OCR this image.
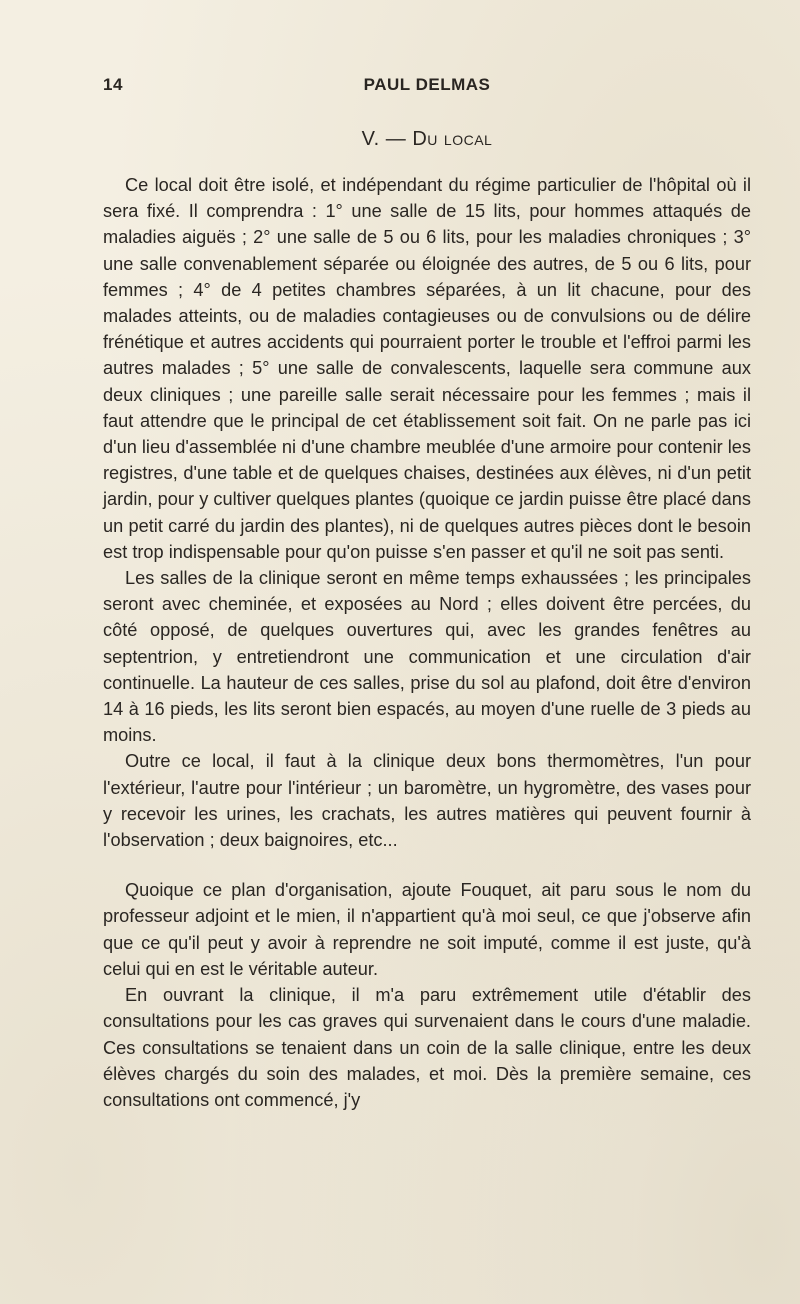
14	PAUL DELMAS
V. — Du local

Ce local doit être isolé, et indépendant du régime particulier de l'hôpital où il sera fixé. Il comprendra : 1° une salle de 15 lits, pour hommes attaqués de maladies aiguës ; 2° une salle de 5 ou 6 lits, pour les maladies chroniques ; 3° une salle convenablement séparée ou éloignée des autres, de 5 ou 6 lits, pour femmes ; 4° de 4 petites chambres séparées, à un lit chacune, pour des malades atteints, ou de maladies contagieuses ou de convulsions ou de délire frénétique et autres accidents qui pourraient porter le trouble et l'effroi parmi les autres malades ; 5° une salle de convalescents, laquelle sera commune aux deux cliniques ; une pareille salle serait nécessaire pour les femmes ; mais il faut attendre que le principal de cet établissement soit fait. On ne parle pas ici d'un lieu d'assemblée ni d'une chambre meublée d'une armoire pour contenir les registres, d'une table et de quelques chaises, destinées aux élèves, ni d'un petit jardin, pour y cultiver quelques plantes (quoique ce jardin puisse être placé dans un petit carré du jardin des plantes), ni de quelques autres pièces dont le besoin est trop indispensable pour qu'on puisse s'en passer et qu'il ne soit pas senti.

Les salles de la clinique seront en même temps exhaussées ; les principales seront avec cheminée, et exposées au Nord ; elles doivent être percées, du côté opposé, de quelques ouvertures qui, avec les grandes fenêtres au septentrion, y entretiendront une communication et une circulation d'air continuelle. La hauteur de ces salles, prise du sol au plafond, doit être d'environ 14 à 16 pieds, les lits seront bien espacés, au moyen d'une ruelle de 3 pieds au moins.

Outre ce local, il faut à la clinique deux bons thermomètres, l'un pour l'extérieur, l'autre pour l'intérieur ; un baromètre, un hygromètre, des vases pour y recevoir les urines, les crachats, les autres matières qui peuvent fournir à l'observation ; deux baignoires, etc...

Quoique ce plan d'organisation, ajoute Fouquet, ait paru sous le nom du professeur adjoint et le mien, il n'appartient qu'à moi seul, ce que j'observe afin que ce qu'il peut y avoir à reprendre ne soit imputé, comme il est juste, qu'à celui qui en est le véritable auteur.

En ouvrant la clinique, il m'a paru extrêmement utile d'établir des consultations pour les cas graves qui survenaient dans le cours d'une maladie. Ces consultations se tenaient dans un coin de la salle clinique, entre les deux élèves chargés du soin des malades, et moi. Dès la première semaine, ces consultations ont commencé, j'y
